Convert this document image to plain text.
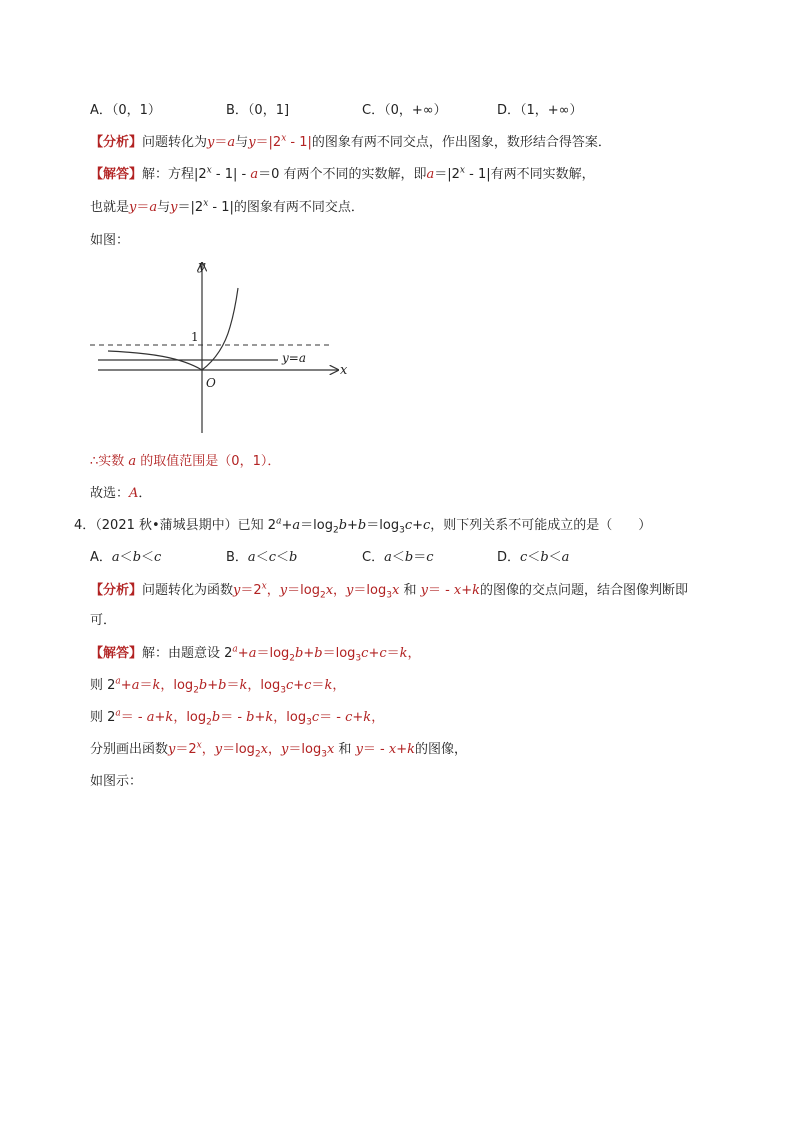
A．（0，1）	B．（0，1]	C．（0，+∞）	D．（1，+∞）
【分析】问题转化为y＝a与$y=|2^x - 1|$的图象有两不同交点，作出图象，数形结合得答案．
【解答】解：方程|2$^x$ - 1| - a＝0 有两个不同的实数解，即$a=|2^x - 1|$有两不同实数解，
也就是y＝a与$y=|2^x - 1|$的图象有两不同交点．
如图：
y
x
O
1
y=a
∴实数 a 的取值范围是（0，1）．
故选：A．
4．（2021 秋•蒲城县期中）已知 $2^a+a=\log_2b+b=\log_3c+c$，则下列关系不可能成立的是（　　）
A．a＜b＜c	B．a＜c＜b	C．a＜b＝c	D．c＜b＜a
【分析】问题转化为函数$y=2^x$，$y=\log_2x$，$y=\log_3x$ 和 y＝ - x+k的图像的交点问题，结合图像判断即
可．
【解答】解：由题意设 $2^a+a=\log_2b+b=\log_3c+c=k$，
则 $2^a+a=k$，$\log_2b+b=k$，$\log_3c+c=k$，
则 $2^a= - a+k$，$\log_2b= - b+k$，$\log_3c= - c+k$，
分别画出函数$y=2^x$，$y=\log_2x$，$y=\log_3x$ 和 y＝ - x+k的图像，
如图示：
